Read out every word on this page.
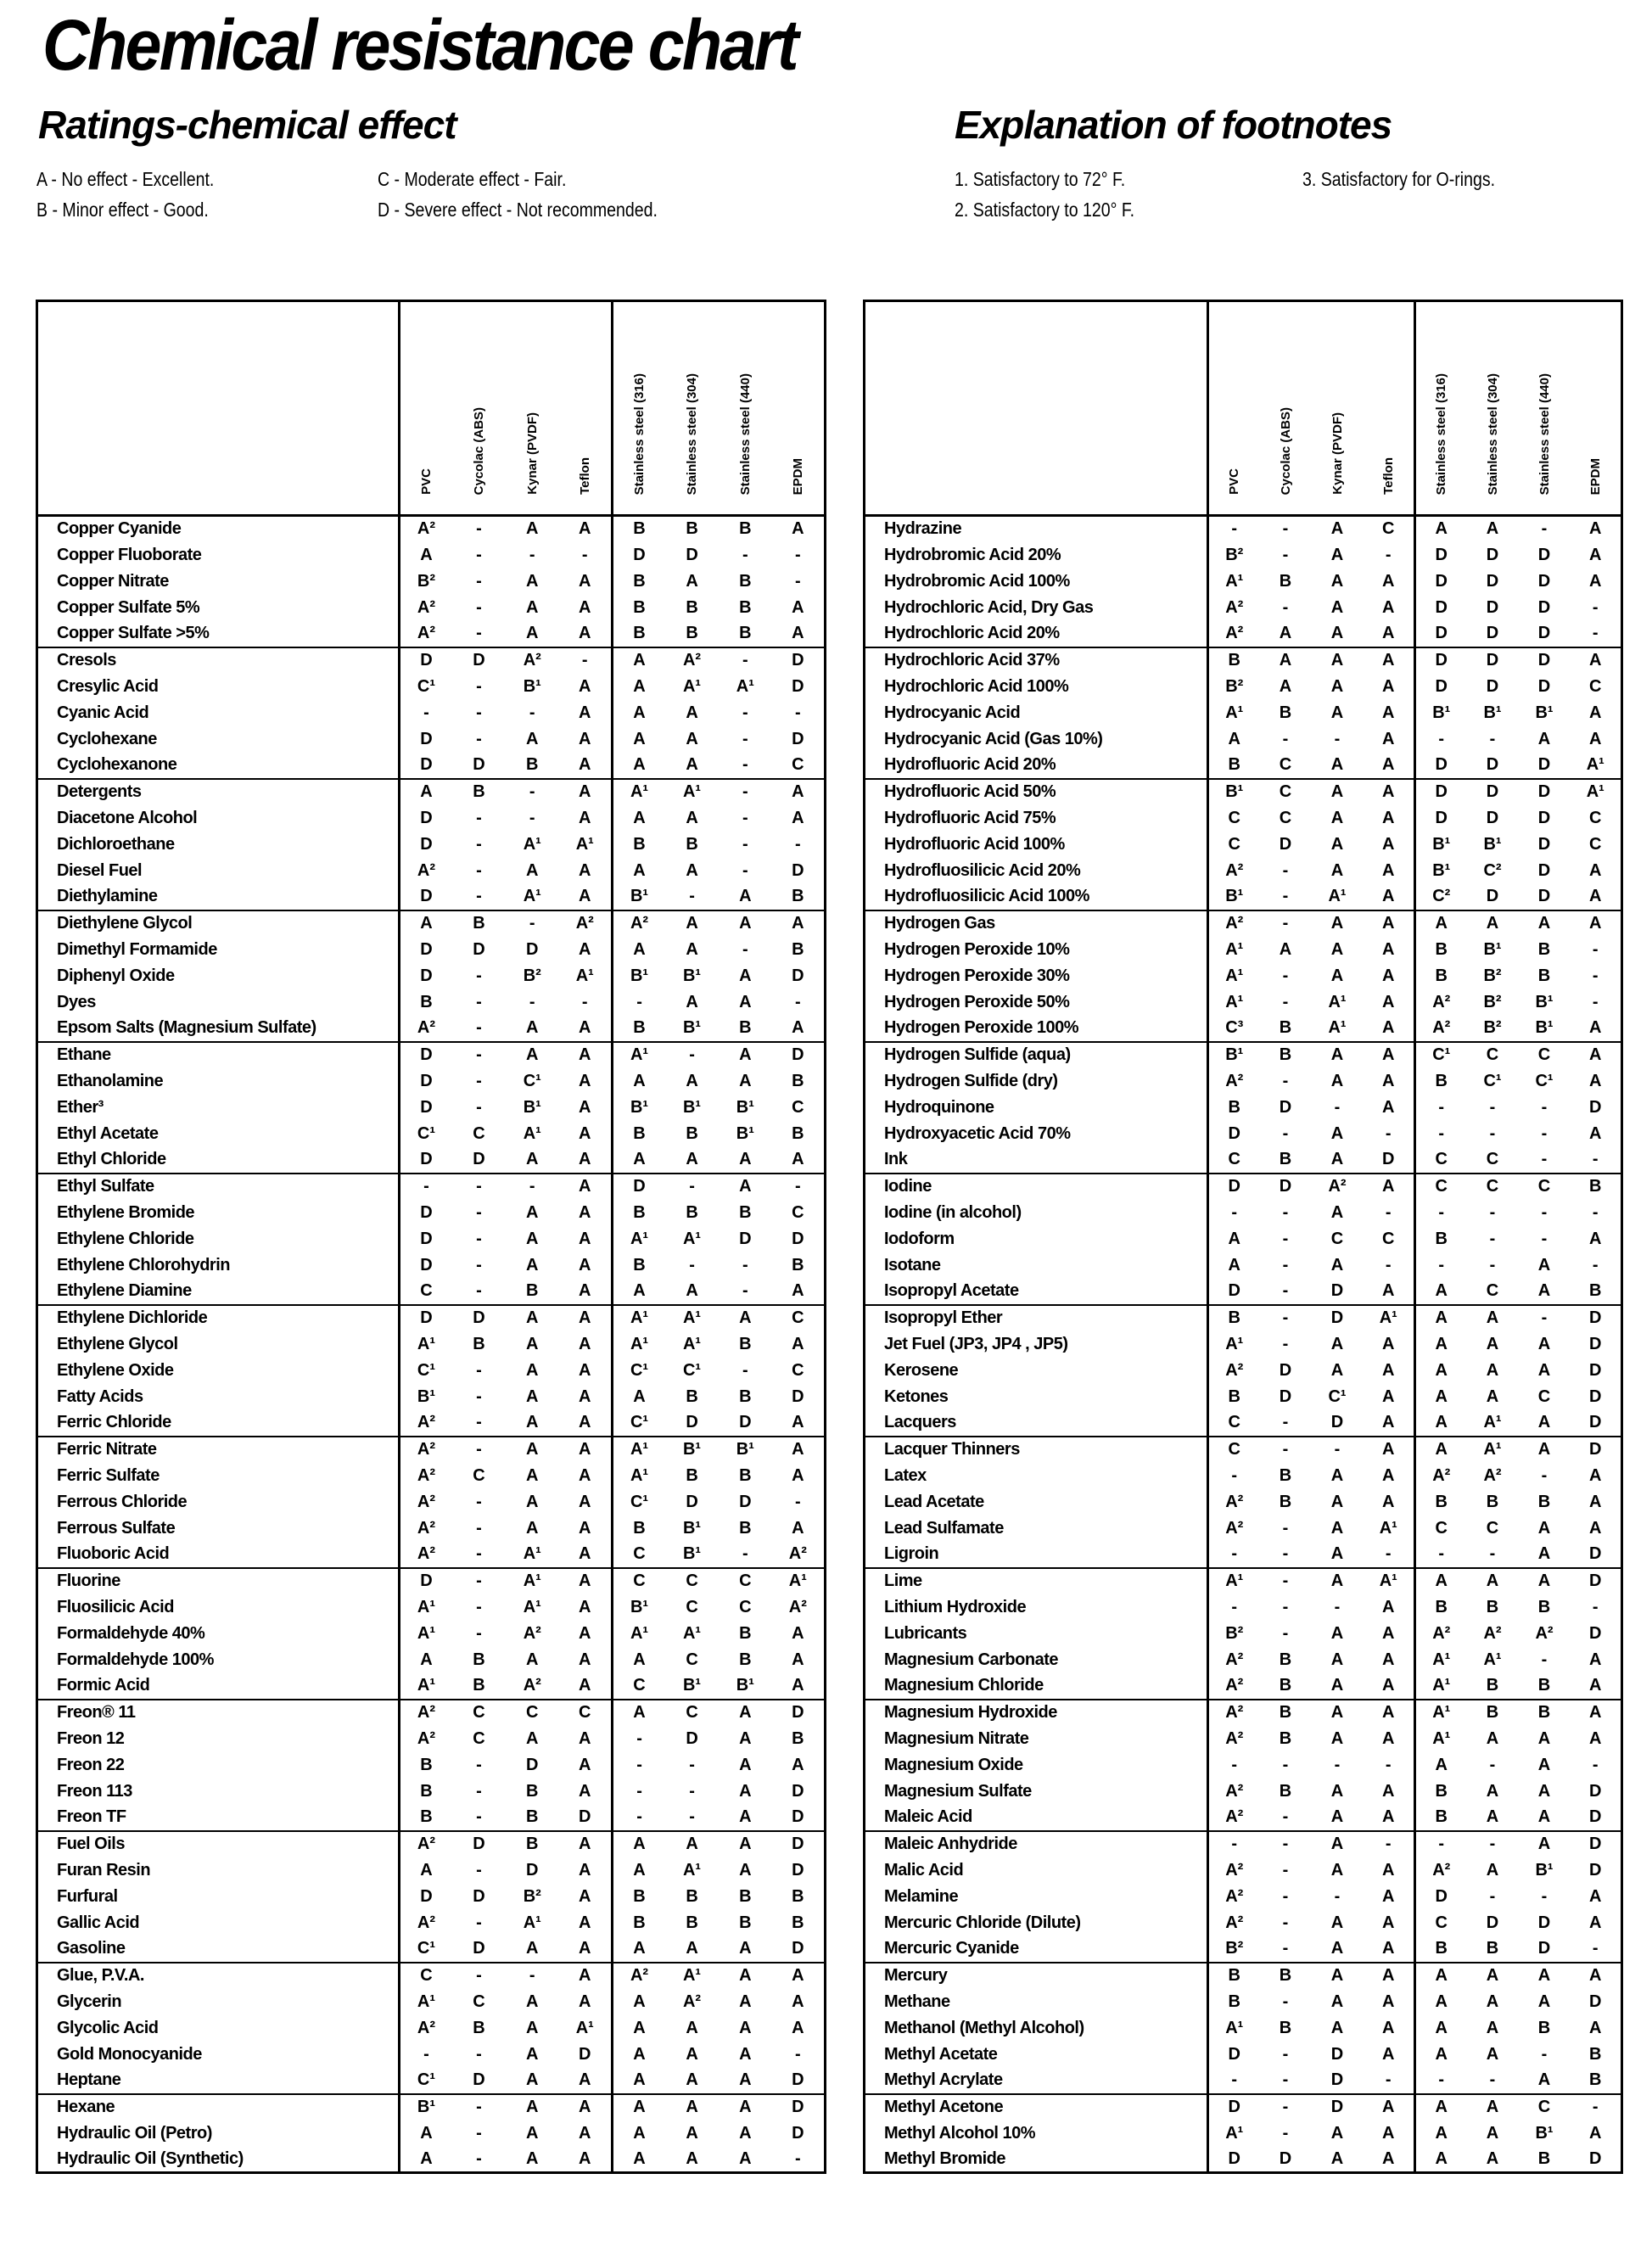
Chemical resistance chart
Ratings-chemical effect
A - No effect - Excellent.
B - Minor effect - Good.
C - Moderate effect - Fair.
D - Severe effect - Not recommended.
Explanation of footnotes
1. Satisfactory to 72° F.
2. Satisfactory to 120° F.
3. Satisfactory for O-rings.
	PVC	Cycolac (ABS)	Kynar (PVDF)	Teflon	Stainless steel (316)	Stainless steel (304)	Stainless steel (440)	EPDM
Copper Cyanide	A²	-	A	A	B	B	B	A
Copper Fluoborate	A	-	-	-	D	D	-	-
Copper Nitrate	B²	-	A	A	B	A	B	-
Copper Sulfate 5%	A²	-	A	A	B	B	B	A
Copper Sulfate >5%	A²	-	A	A	B	B	B	A
Cresols	D	D	A²	-	A	A²	-	D
Cresylic Acid	C¹	-	B¹	A	A	A¹	A¹	D
Cyanic Acid	-	-	-	A	A	A	-	-
Cyclohexane	D	-	A	A	A	A	-	D
Cyclohexanone	D	D	B	A	A	A	-	C
Detergents	A	B	-	A	A¹	A¹	-	A
Diacetone Alcohol	D	-	-	A	A	A	-	A
Dichloroethane	D	-	A¹	A¹	B	B	-	-
Diesel Fuel	A²	-	A	A	A	A	-	D
Diethylamine	D	-	A¹	A	B¹	-	A	B
Diethylene Glycol	A	B	-	A²	A²	A	A	A
Dimethyl Formamide	D	D	D	A	A	A	-	B
Diphenyl Oxide	D	-	B²	A¹	B¹	B¹	A	D
Dyes	B	-	-	-	-	A	A	-
Epsom Salts (Magnesium Sulfate)	A²	-	A	A	B	B¹	B	A
Ethane	D	-	A	A	A¹	-	A	D
Ethanolamine	D	-	C¹	A	A	A	A	B
Ether³	D	-	B¹	A	B¹	B¹	B¹	C
Ethyl Acetate	C¹	C	A¹	A	B	B	B¹	B
Ethyl Chloride	D	D	A	A	A	A	A	A
Ethyl Sulfate	-	-	-	A	D	-	A	-
Ethylene Bromide	D	-	A	A	B	B	B	C
Ethylene Chloride	D	-	A	A	A¹	A¹	D	D
Ethylene Chlorohydrin	D	-	A	A	B	-	-	B
Ethylene Diamine	C	-	B	A	A	A	-	A
Ethylene Dichloride	D	D	A	A	A¹	A¹	A	C
Ethylene Glycol	A¹	B	A	A	A¹	A¹	B	A
Ethylene Oxide	C¹	-	A	A	C¹	C¹	-	C
Fatty Acids	B¹	-	A	A	A	B	B	D
Ferric Chloride	A²	-	A	A	C¹	D	D	A
Ferric Nitrate	A²	-	A	A	A¹	B¹	B¹	A
Ferric Sulfate	A²	C	A	A	A¹	B	B	A
Ferrous Chloride	A²	-	A	A	C¹	D	D	-
Ferrous Sulfate	A²	-	A	A	B	B¹	B	A
Fluoboric Acid	A²	-	A¹	A	C	B¹	-	A²
Fluorine	D	-	A¹	A	C	C	C	A¹
Fluosilicic Acid	A¹	-	A¹	A	B¹	C	C	A²
Formaldehyde 40%	A¹	-	A²	A	A¹	A¹	B	A
Formaldehyde 100%	A	B	A	A	A	C	B	A
Formic Acid	A¹	B	A²	A	C	B¹	B¹	A
Freon® 11	A²	C	C	C	A	C	A	D
Freon 12	A²	C	A	A	-	D	A	B
Freon 22	B	-	D	A	-	-	A	A
Freon 113	B	-	B	A	-	-	A	D
Freon TF	B	-	B	D	-	-	A	D
Fuel Oils	A²	D	B	A	A	A	A	D
Furan Resin	A	-	D	A	A	A¹	A	D
Furfural	D	D	B²	A	B	B	B	B
Gallic Acid	A²	-	A¹	A	B	B	B	B
Gasoline	C¹	D	A	A	A	A	A	D
Glue, P.V.A.	C	-	-	A	A²	A¹	A	A
Glycerin	A¹	C	A	A	A	A²	A	A
Glycolic Acid	A²	B	A	A¹	A	A	A	A
Gold Monocyanide	-	-	A	D	A	A	A	-
Heptane	C¹	D	A	A	A	A	A	D
Hexane	B¹	-	A	A	A	A	A	D
Hydraulic Oil (Petro)	A	-	A	A	A	A	A	D
Hydraulic Oil (Synthetic)	A	-	A	A	A	A	A	-
	PVC	Cycolac (ABS)	Kynar (PVDF)	Teflon	Stainless steel (316)	Stainless steel (304)	Stainless steel (440)	EPDM
Hydrazine	-	-	A	C	A	A	-	A
Hydrobromic Acid 20%	B²	-	A	-	D	D	D	A
Hydrobromic Acid 100%	A¹	B	A	A	D	D	D	A
Hydrochloric Acid, Dry Gas	A²	-	A	A	D	D	D	-
Hydrochloric Acid 20%	A²	A	A	A	D	D	D	-
Hydrochloric Acid 37%	B	A	A	A	D	D	D	A
Hydrochloric Acid 100%	B²	A	A	A	D	D	D	C
Hydrocyanic Acid	A¹	B	A	A	B¹	B¹	B¹	A
Hydrocyanic Acid (Gas 10%)	A	-	-	A	-	-	A	A
Hydrofluoric Acid 20%	B	C	A	A	D	D	D	A¹
Hydrofluoric Acid 50%	B¹	C	A	A	D	D	D	A¹
Hydrofluoric Acid 75%	C	C	A	A	D	D	D	C
Hydrofluoric Acid 100%	C	D	A	A	B¹	B¹	D	C
Hydrofluosilicic Acid 20%	A²	-	A	A	B¹	C²	D	A
Hydrofluosilicic Acid 100%	B¹	-	A¹	A	C²	D	D	A
Hydrogen Gas	A²	-	A	A	A	A	A	A
Hydrogen Peroxide 10%	A¹	A	A	A	B	B¹	B	-
Hydrogen Peroxide 30%	A¹	-	A	A	B	B²	B	-
Hydrogen Peroxide 50%	A¹	-	A¹	A	A²	B²	B¹	-
Hydrogen Peroxide 100%	C³	B	A¹	A	A²	B²	B¹	A
Hydrogen Sulfide (aqua)	B¹	B	A	A	C¹	C	C	A
Hydrogen Sulfide (dry)	A²	-	A	A	B	C¹	C¹	A
Hydroquinone	B	D	-	A	-	-	-	D
Hydroxyacetic Acid 70%	D	-	A	-	-	-	-	A
Ink	C	B	A	D	C	C	-	-
Iodine	D	D	A²	A	C	C	C	B
Iodine (in alcohol)	-	-	A	-	-	-	-	-
Iodoform	A	-	C	C	B	-	-	A
Isotane	A	-	A	-	-	-	A	-
Isopropyl Acetate	D	-	D	A	A	C	A	B
Isopropyl Ether	B	-	D	A¹	A	A	-	D
Jet Fuel (JP3, JP4 , JP5)	A¹	-	A	A	A	A	A	D
Kerosene	A²	D	A	A	A	A	A	D
Ketones	B	D	C¹	A	A	A	C	D
Lacquers	C	-	D	A	A	A¹	A	D
Lacquer Thinners	C	-	-	A	A	A¹	A	D
Latex	-	B	A	A	A²	A²	-	A
Lead Acetate	A²	B	A	A	B	B	B	A
Lead Sulfamate	A²	-	A	A¹	C	C	A	A
Ligroin	-	-	A	-	-	-	A	D
Lime	A¹	-	A	A¹	A	A	A	D
Lithium Hydroxide	-	-	-	A	B	B	B	-
Lubricants	B²	-	A	A	A²	A²	A²	D
Magnesium Carbonate	A²	B	A	A	A¹	A¹	-	A
Magnesium Chloride	A²	B	A	A	A¹	B	B	A
Magnesium Hydroxide	A²	B	A	A	A¹	B	B	A
Magnesium Nitrate	A²	B	A	A	A¹	A	A	A
Magnesium Oxide	-	-	-	-	A	-	A	-
Magnesium Sulfate	A²	B	A	A	B	A	A	D
Maleic Acid	A²	-	A	A	B	A	A	D
Maleic Anhydride	-	-	A	-	-	-	A	D
Malic Acid	A²	-	A	A	A²	A	B¹	D
Melamine	A²	-	-	A	D	-	-	A
Mercuric Chloride (Dilute)	A²	-	A	A	C	D	D	A
Mercuric Cyanide	B²	-	A	A	B	B	D	-
Mercury	B	B	A	A	A	A	A	A
Methane	B	-	A	A	A	A	A	D
Methanol (Methyl Alcohol)	A¹	B	A	A	A	A	B	A
Methyl Acetate	D	-	D	A	A	A	-	B
Methyl Acrylate	-	-	D	-	-	-	A	B
Methyl Acetone	D	-	D	A	A	A	C	-
Methyl Alcohol 10%	A¹	-	A	A	A	A	B¹	A
Methyl Bromide	D	D	A	A	A	A	B	D
